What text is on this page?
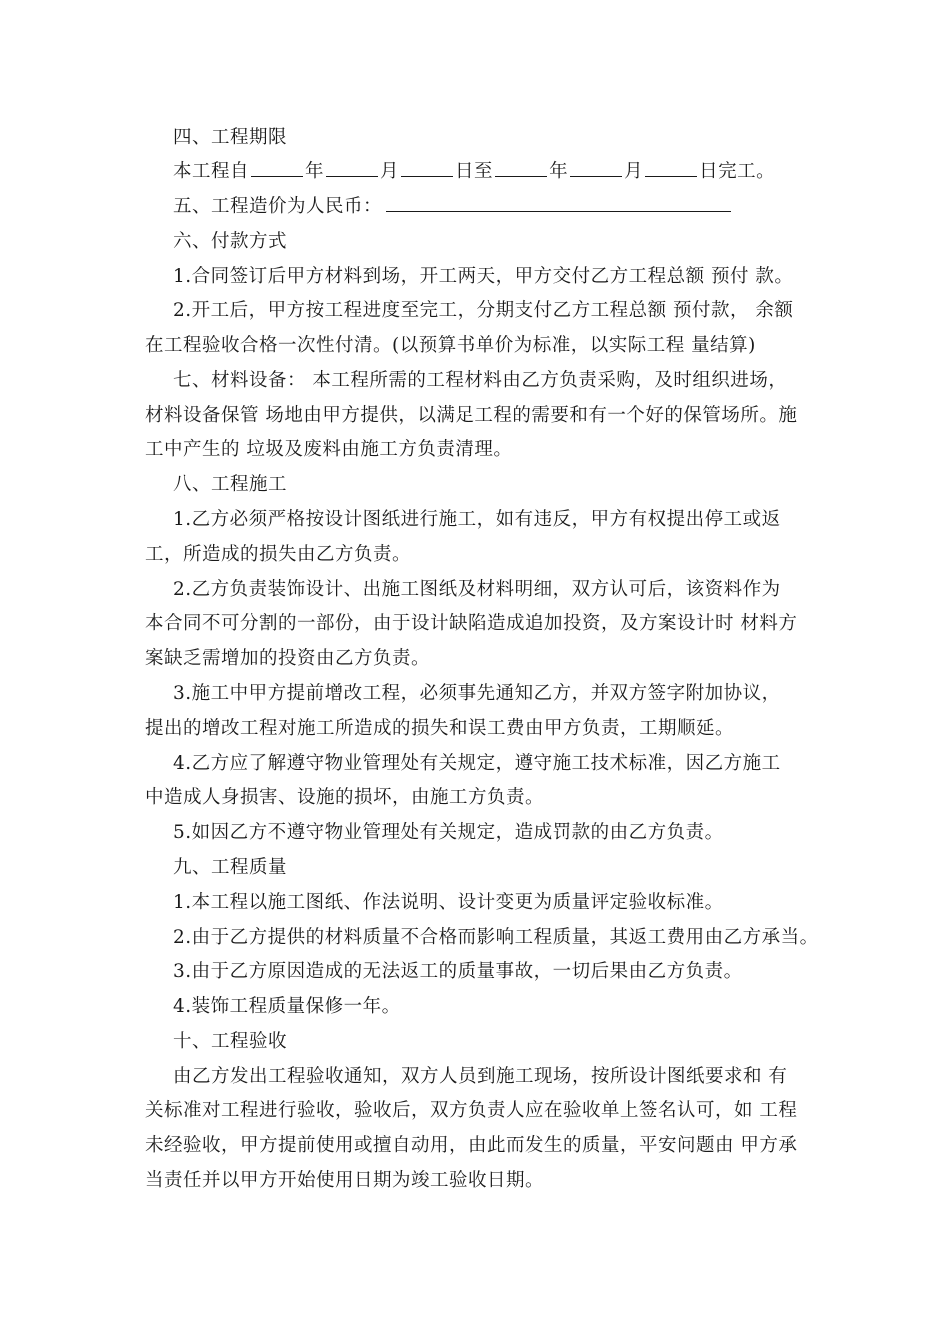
四、工程期限
本工程自	年	月	日至	年	月	日完工。
五、工程造价为人民币：
六、付款方式
1.合同签订后甲方材料到场，开工两天，甲方交付乙方工程总额 预付 款。
2.开工后，甲方按工程进度至完工，分期支付乙方工程总额 预付款， 余额
在工程验收合格一次性付清。(以预算书单价为标准，以实际工程 量结算)
七、材料设备： 本工程所需的工程材料由乙方负责采购，及时组织进场，
材料设备保管 场地由甲方提供，以满足工程的需要和有一个好的保管场所。施
工中产生的 垃圾及废料由施工方负责清理。
八、工程施工
1.乙方必须严格按设计图纸进行施工，如有违反，甲方有权提出停工或返
工，所造成的损失由乙方负责。
2.乙方负责装饰设计、出施工图纸及材料明细，双方认可后，该资料作为
本合同不可分割的一部份，由于设计缺陷造成追加投资，及方案设计时 材料方
案缺乏需增加的投资由乙方负责。
3.施工中甲方提前增改工程，必须事先通知乙方，并双方签字附加协议，
提出的增改工程对施工所造成的损失和误工费由甲方负责，工期顺延。
4.乙方应了解遵守物业管理处有关规定，遵守施工技术标准，因乙方施工
中造成人身损害、设施的损坏，由施工方负责。
5.如因乙方不遵守物业管理处有关规定，造成罚款的由乙方负责。
九、工程质量
1.本工程以施工图纸、作法说明、设计变更为质量评定验收标准。
2.由于乙方提供的材料质量不合格而影响工程质量，其返工费用由乙方承当。
3.由于乙方原因造成的无法返工的质量事故，一切后果由乙方负责。
4.装饰工程质量保修一年。
十、工程验收
由乙方发出工程验收通知，双方人员到施工现场，按所设计图纸要求和 有
关标准对工程进行验收，验收后，双方负责人应在验收单上签名认可，如 工程
未经验收，甲方提前使用或擅自动用，由此而发生的质量，平安问题由 甲方承
当责任并以甲方开始使用日期为竣工验收日期。
